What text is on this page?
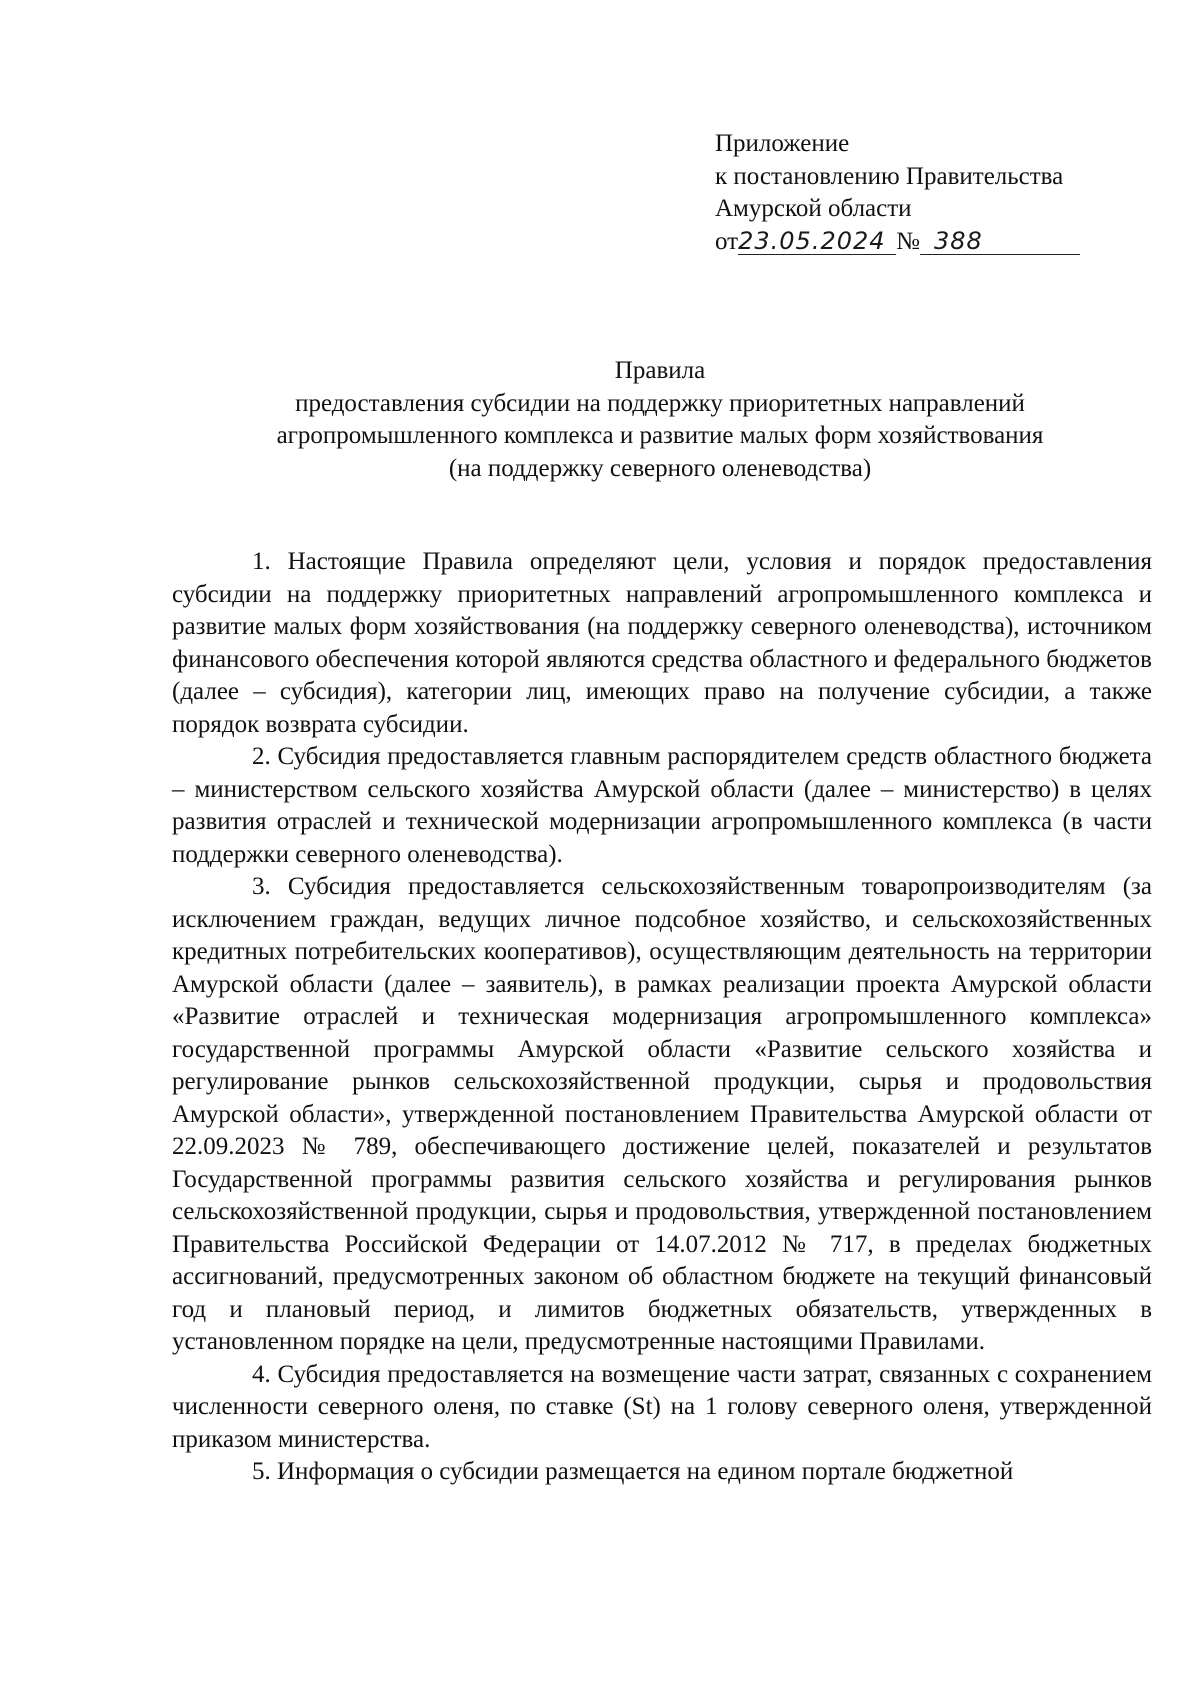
Приложение
к постановлению Правительства
Амурской области
от23.05.2024 № 388
Правила
предоставления субсидии на поддержку приоритетных направлений
агропромышленного комплекса и развитие малых форм хозяйствования
(на поддержку северного оленеводства)

1. Настоящие Правила определяют цели, условия и порядок предоставления субсидии на поддержку приоритетных направлений агропромышленного комплекса и развитие малых форм хозяйствования (на поддержку северного оленеводства), источником финансового обеспечения которой являются средства областного и федерального бюджетов (далее – субсидия), категории лиц, имеющих право на получение субсидии, а также порядок возврата субсидии.

2. Субсидия предоставляется главным распорядителем средств областного бюджета – министерством сельского хозяйства Амурской области (далее – министерство) в целях развития отраслей и технической модернизации агропромышленного комплекса (в части поддержки северного оленеводства).

3. Субсидия предоставляется сельскохозяйственным товаропроизводителям (за исключением граждан, ведущих личное подсобное хозяйство, и сельскохозяйственных кредитных потребительских кооперативов), осуществляющим деятельность на территории Амурской области (далее – заявитель), в рамках реализации проекта Амурской области «Развитие отраслей и техническая модернизация агропромышленного комплекса» государственной программы Амурской области «Развитие сельского хозяйства и регулирование рынков сельскохозяйственной продукции, сырья и продовольствия Амурской области», утвержденной постановлением Правительства Амурской области от 22.09.2023 № 789, обеспечивающего достижение целей, показателей и результатов Государственной программы развития сельского хозяйства и регулирования рынков сельскохозяйственной продукции, сырья и продовольствия, утвержденной постановлением Правительства Российской Федерации от 14.07.2012 № 717, в пределах бюджетных ассигнований, предусмотренных законом об областном бюджете на текущий финансовый год и плановый период, и лимитов бюджетных обязательств, утвержденных в установленном порядке на цели, предусмотренные настоящими Правилами.

4. Субсидия предоставляется на возмещение части затрат, связанных с сохранением численности северного оленя, по ставке (St) на 1 голову северного оленя, утвержденной приказом министерства.

5. Информация о субсидии размещается на едином портале бюджетной
